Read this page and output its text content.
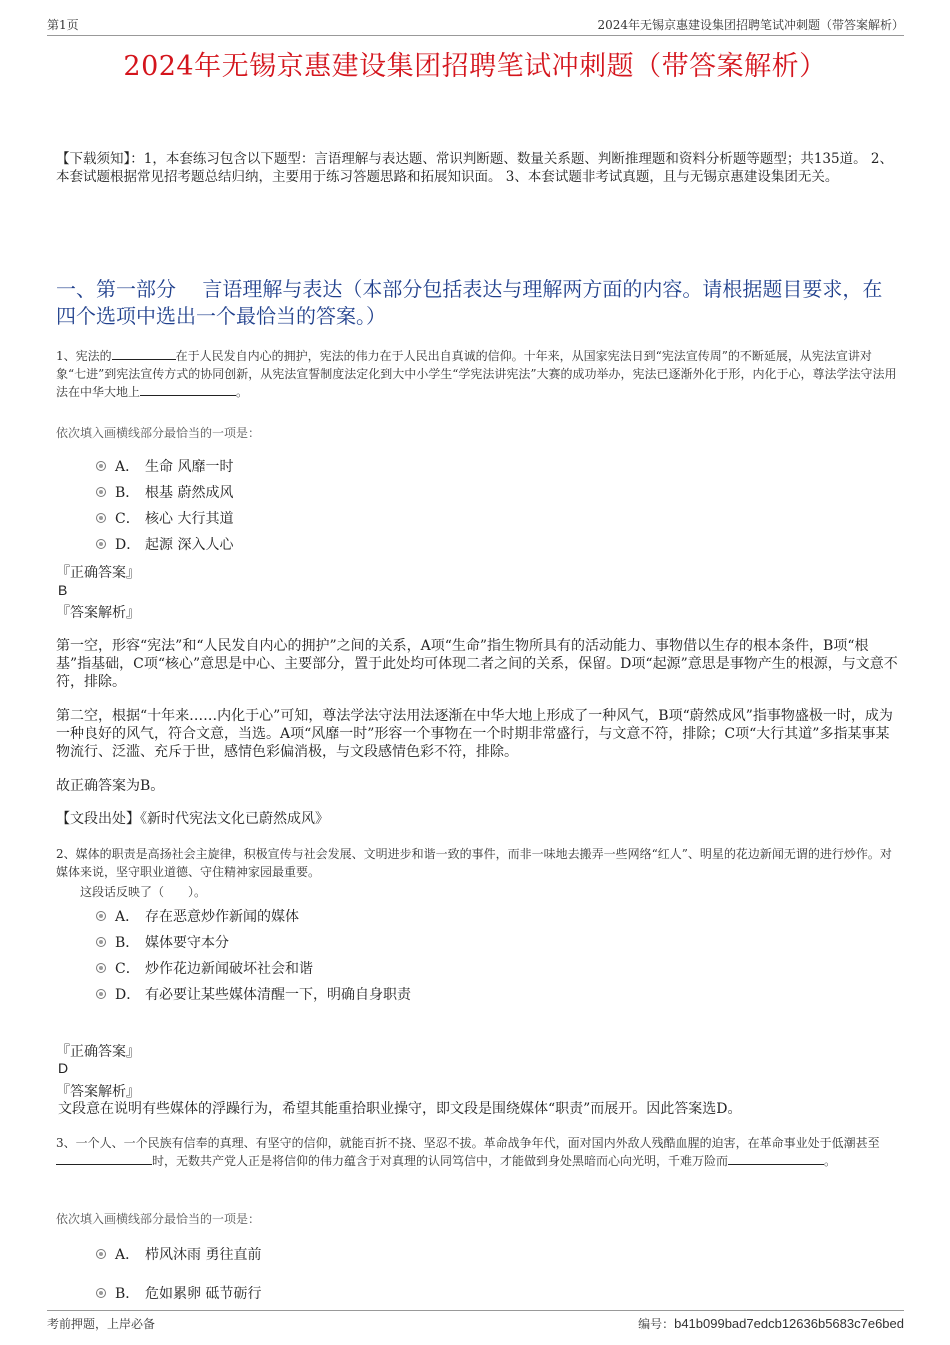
第1页	2024年无锡京惠建设集团招聘笔试冲刺题（带答案解析）
2024年无锡京惠建设集团招聘笔试冲刺题（带答案解析）
【下载须知】：1，本套练习包含以下题型：言语理解与表达题、常识判断题、数量关系题、判断推理题和资料分析题等题型；共135道。 2、本套试题根据常见招考题总结归纳，主要用于练习答题思路和拓展知识面。 3、本套试题非考试真题，且与无锡京惠建设集团无关。
一、第一部分　 言语理解与表达（本部分包括表达与理解两方面的内容。请根据题目要求，在四个选项中选出一个最恰当的答案。）
1、宪法的	在于人民发自内心的拥护，宪法的伟力在于人民出自真诚的信仰。十年来，从国家宪法日到“宪法宣传周”的不断延展，从宪法宣讲对象“七进”到宪法宣传方式的协同创新，从宪法宣誓制度法定化到大中小学生“学宪法讲宪法”大赛的成功举办，宪法已逐渐外化于形，内化于心，尊法学法守法用法在中华大地上	。
依次填入画横线部分最恰当的一项是：
A． 生命 风靡一时
B． 根基 蔚然成风
C． 核心 大行其道
D． 起源 深入人心
『正确答案』
B
『答案解析』
第一空，形容“宪法”和“人民发自内心的拥护”之间的关系，A项“生命”指生物所具有的活动能力、事物借以生存的根本条件，B项“根基”指基础，C项“核心”意思是中心、主要部分，置于此处均可体现二者之间的关系，保留。D项“起源”意思是事物产生的根源，与文意不符，排除。
第二空，根据“十年来……内化于心”可知，尊法学法守法用法逐渐在中华大地上形成了一种风气，B项“蔚然成风”指事物盛极一时，成为一种良好的风气，符合文意，当选。A项“风靡一时”形容一个事物在一个时期非常盛行，与文意不符，排除；C项“大行其道”多指某事某物流行、泛滥、充斥于世，感情色彩偏消极，与文段感情色彩不符，排除。
故正确答案为B。
【文段出处】《新时代宪法文化已蔚然成风》
2、媒体的职责是高扬社会主旋律，积极宣传与社会发展、文明进步和谐一致的事件，而非一味地去搬弄一些网络“红人”、明星的花边新闻无谓的进行炒作。对媒体来说，坚守职业道德、守住精神家园最重要。
这段话反映了（　　）。
A． 存在恶意炒作新闻的媒体
B． 媒体要守本分
C． 炒作花边新闻破坏社会和谐
D． 有必要让某些媒体清醒一下，明确自身职责
『正确答案』
D
『答案解析』
文段意在说明有些媒体的浮躁行为，希望其能重拾职业操守，即文段是围绕媒体“职责”而展开。因此答案选D。
3、一个人、一个民族有信奉的真理、有坚守的信仰，就能百折不挠、坚忍不拔。革命战争年代，面对国内外敌人残酷血腥的迫害，在革命事业处于低潮甚至时，无数共产党人正是将信仰的伟力蕴含于对真理的认同笃信中，才能做到身处黑暗而心向光明，千难万险而	。
依次填入画横线部分最恰当的一项是：
A． 栉风沐雨 勇往直前
B． 危如累卵 砥节砺行
考前押题，上岸必备	编号：b41b099bad7edcb12636b5683c7e6bed
